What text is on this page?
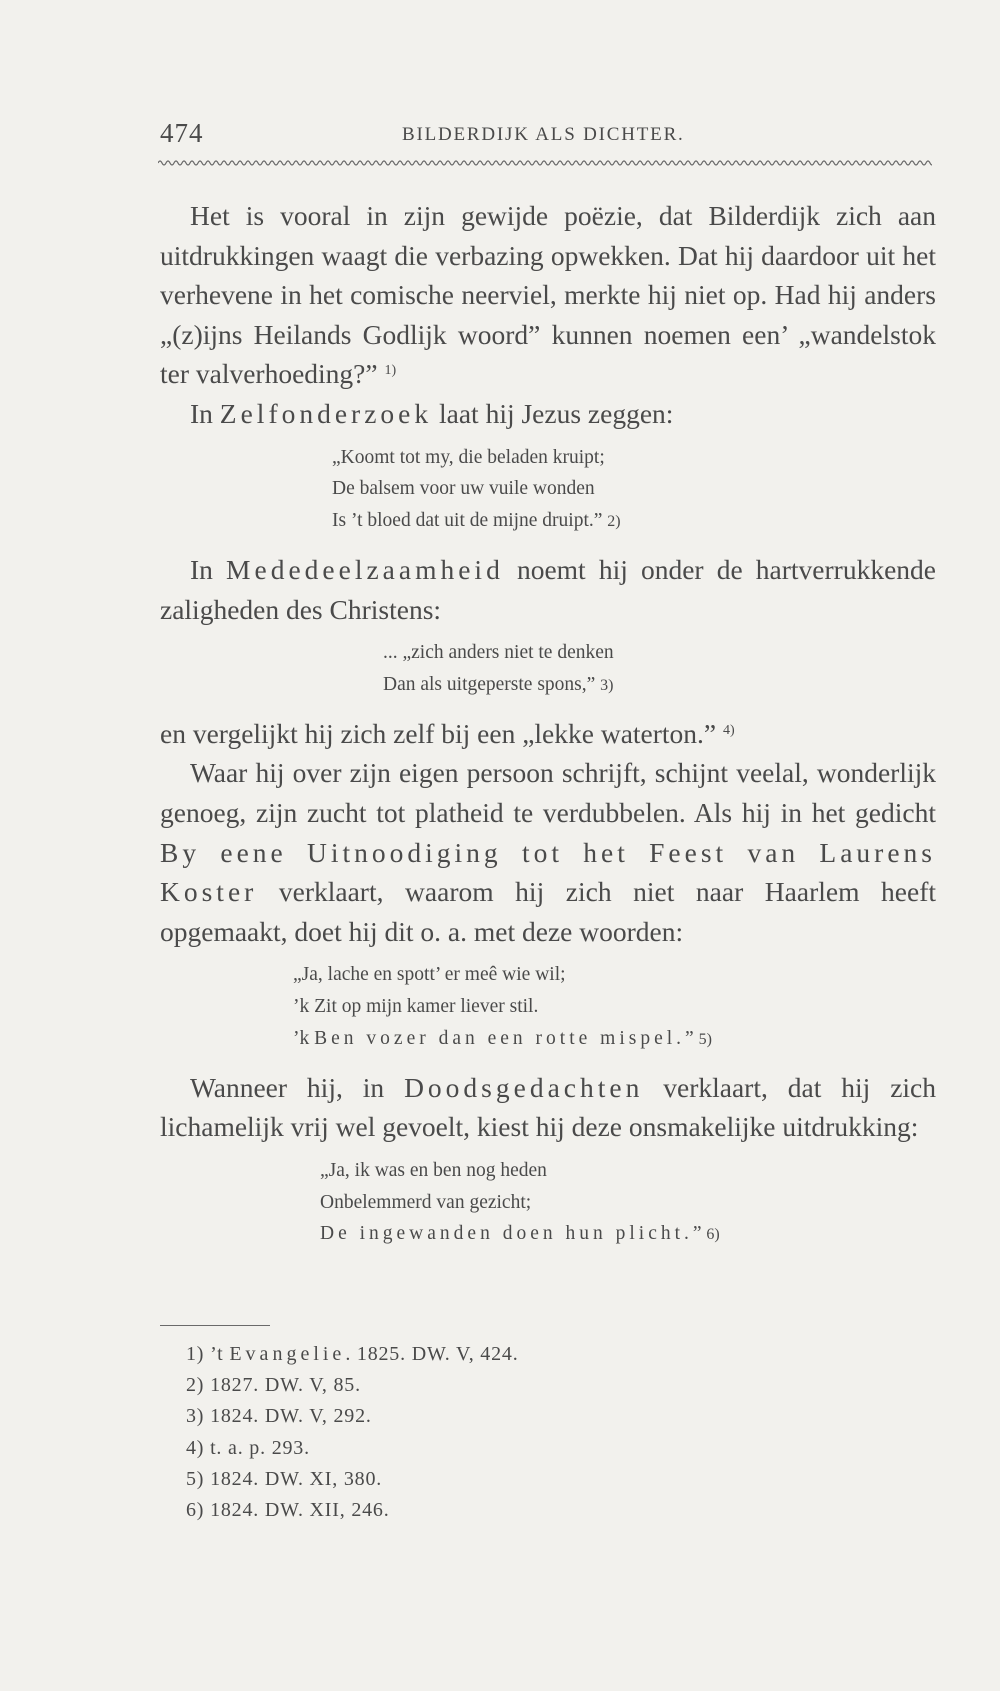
474	BILDERDIJK ALS DICHTER.

Het is vooral in zijn gewijde poëzie, dat Bilderdijk zich aan uitdrukkingen waagt die verbazing opwekken. Dat hij daardoor uit het verhevene in het comische neerviel, merkte hij niet op. Had hij anders „(z)ijns Heilands Godlijk woord” kunnen noemen een’ „wandelstok ter valverhoeding?” $^{1)}$

In Zelfonderzoek laat hij Jezus zeggen:

„Koomt tot my, die beladen kruipt;
De balsem voor uw vuile wonden
Is ’t bloed dat uit de mijne druipt.” 2)

In Mededeelzaamheid noemt hij onder de hartverrukkende zaligheden des Christens:

... „zich anders niet te denken
Dan als uitgeperste spons,” 3)

en vergelijkt hij zich zelf bij een „lekke waterton.” $^{4)}$

Waar hij over zijn eigen persoon schrijft, schijnt veelal, wonderlijk genoeg, zijn zucht tot platheid te verdubbelen. Als hij in het gedicht By eene Uitnoodiging tot het Feest van Laurens Koster verklaart, waarom hij zich niet naar Haarlem heeft opgemaakt, doet hij dit o. a. met deze woorden:

„Ja, lache en spott’ er meê wie wil;
’k Zit op mijn kamer liever stil.
’k Ben vozer dan een rotte mispel.” 5)

Wanneer hij, in Doodsgedachten verklaart, dat hij zich lichamelijk vrij wel gevoelt, kiest hij deze onsmakelijke uitdrukking:

„Ja, ik was en ben nog heden
Onbelemmerd van gezicht;
De ingewanden doen hun plicht.” 6)
1) ’t Evangelie. 1825. DW. V, 424.
2) 1827. DW. V, 85.
3) 1824. DW. V, 292.
4) t. a. p. 293.
5) 1824. DW. XI, 380.
6) 1824. DW. XII, 246.
